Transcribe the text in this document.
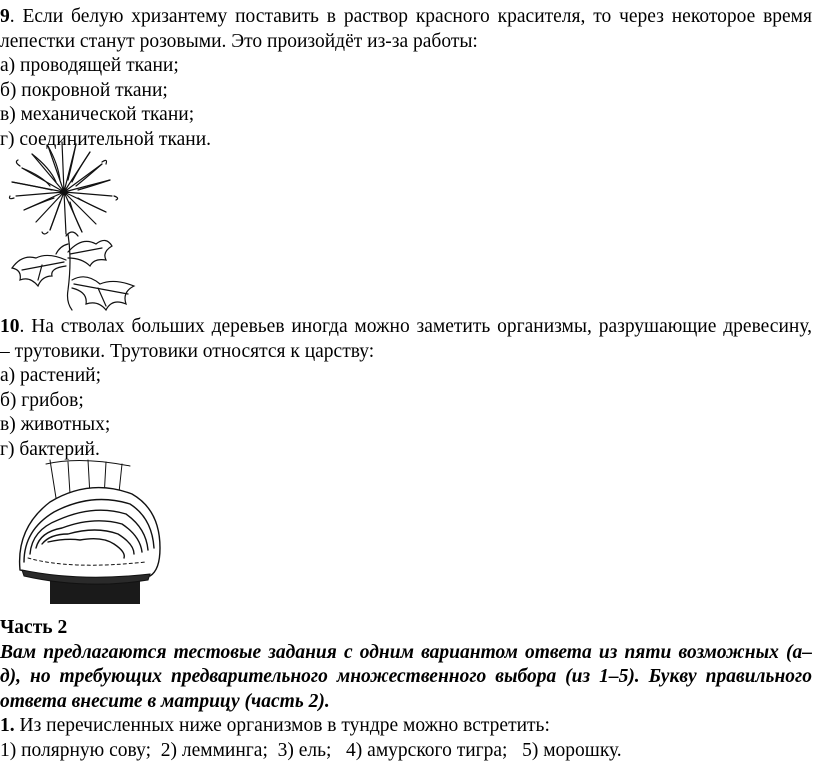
9. Если белую хризантему поставить в раствор красного красителя, то через некоторое время

лепестки станут розовыми. Это произойдёт из-за работы:

а) проводящей ткани;

б) покровной ткани;

в) механической ткани;

г) соединительной ткани.

10. На стволах больших деревьев иногда можно заметить организмы, разрушающие древесину,

– трутовики. Трутовики относятся к царству:

а) растений;

б) грибов;

в) животных;

г) бактерий.

Часть 2

Вам предлагаются тестовые задания с одним вариантом ответа из пяти возможных (а–

д), но требующих предварительного множественного выбора (из 1–5). Букву правильного

ответа внесите в матрицу (часть 2).

1. Из перечисленных ниже организмов в тундре можно встретить:

1) полярную сову;  2) лемминга;  3) ель;   4) амурского тигра;   5) морошку.
